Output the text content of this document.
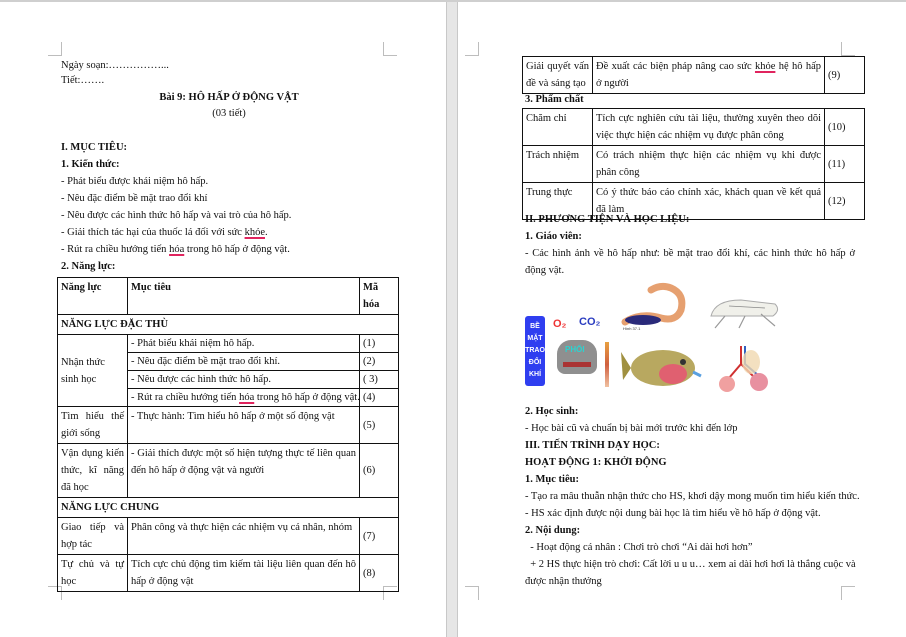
Ngày soạn:……………...
Tiết:…….
Bài 9: HÔ HẤP Ở ĐỘNG VẬT
(03 tiết)
I. MỤC TIÊU:
1. Kiến thức:
- Phát biểu được khái niệm hô hấp.
- Nêu đặc điểm bề mặt trao đổi khí
- Nêu được các hình thức hô hấp và vai trò của hô hấp.
- Giải thích tác hại của thuốc lá đối với sức khỏe.
- Rút ra chiều hướng tiến hóa trong hô hấp ở động vật.
2. Năng lực:
Năng lực	Mục tiêu	Mã hóa
NĂNG LỰC ĐẶC THÙ		
Nhận thức sinh học	- Phát biểu khái niệm hô hấp.	(1)
	- Nêu đặc điểm bề mặt trao đổi khí.	(2)
	- Nêu được các hình thức hô hấp.	( 3)
	- Rút ra chiều hướng tiến hóa trong hô hấp ở động vật.	(4)
Tìm hiểu thế giới sống	- Thực hành: Tìm hiểu hô hấp ở một số động vật	(5)
Vận dụng kiến thức, kĩ năng đã học	- Giải thích được một số hiện tượng thực tế liên quan đến hô hấp ở động vật và người	(6)
NĂNG LỰC CHUNG		
Giao tiếp và hợp tác	Phân công và thực hiện các nhiệm vụ cá nhân, nhóm	(7)
Tự chủ và tự học	Tích cực chủ động tìm kiếm tài liệu liên quan đến hô hấp ở động vật	(8)
Giải quyết vấn đề và sáng tạo	Đề xuất các biện pháp nâng cao sức khỏe hệ hô hấp ở người	(9)
3. Phẩm chất
Chăm chỉ	Tích cực nghiên cứu tài liệu, thường xuyên theo dõi việc thực hiện các nhiệm vụ được phân công	(10)
Trách nhiệm	Có trách nhiệm thực hiện các nhiệm vụ khi được phân công	(11)
Trung thực	Có ý thức báo cáo chính xác, khách quan về kết quả đã làm	(12)
II. PHƯƠNG TIỆN VÀ HỌC LIỆU:
1. Giáo viên:
- Các hình ảnh về hô hấp như: bề mặt trao đổi khí, các hình thức hô hấp ở
động vật.
BỀ
MẶT
TRAO
ĐỔI
KHÍ
O₂ CO₂
PHỔI
Hình 37.1
2. Học sinh:
- Học bài cũ và chuẩn bị bài mới trước khi đến lớp
III. TIẾN TRÌNH DẠY HỌC:
HOẠT ĐỘNG 1: KHỞI ĐỘNG
1. Mục tiêu:
- Tạo ra mâu thuẫn nhận thức cho HS, khơi dậy mong muốn tìm hiểu kiến thức.
- HS xác định được nội dung bài học là tìm hiểu về hô hấp ở động vật.
2. Nội dung:
- Hoạt động cá nhân : Chơi trò chơi “Ai dài hơi hơn”
+ 2 HS thực hiện trò chơi: Cất lời u u u… xem ai dài hơi hơi là thắng cuộc và
được nhận thưởng
